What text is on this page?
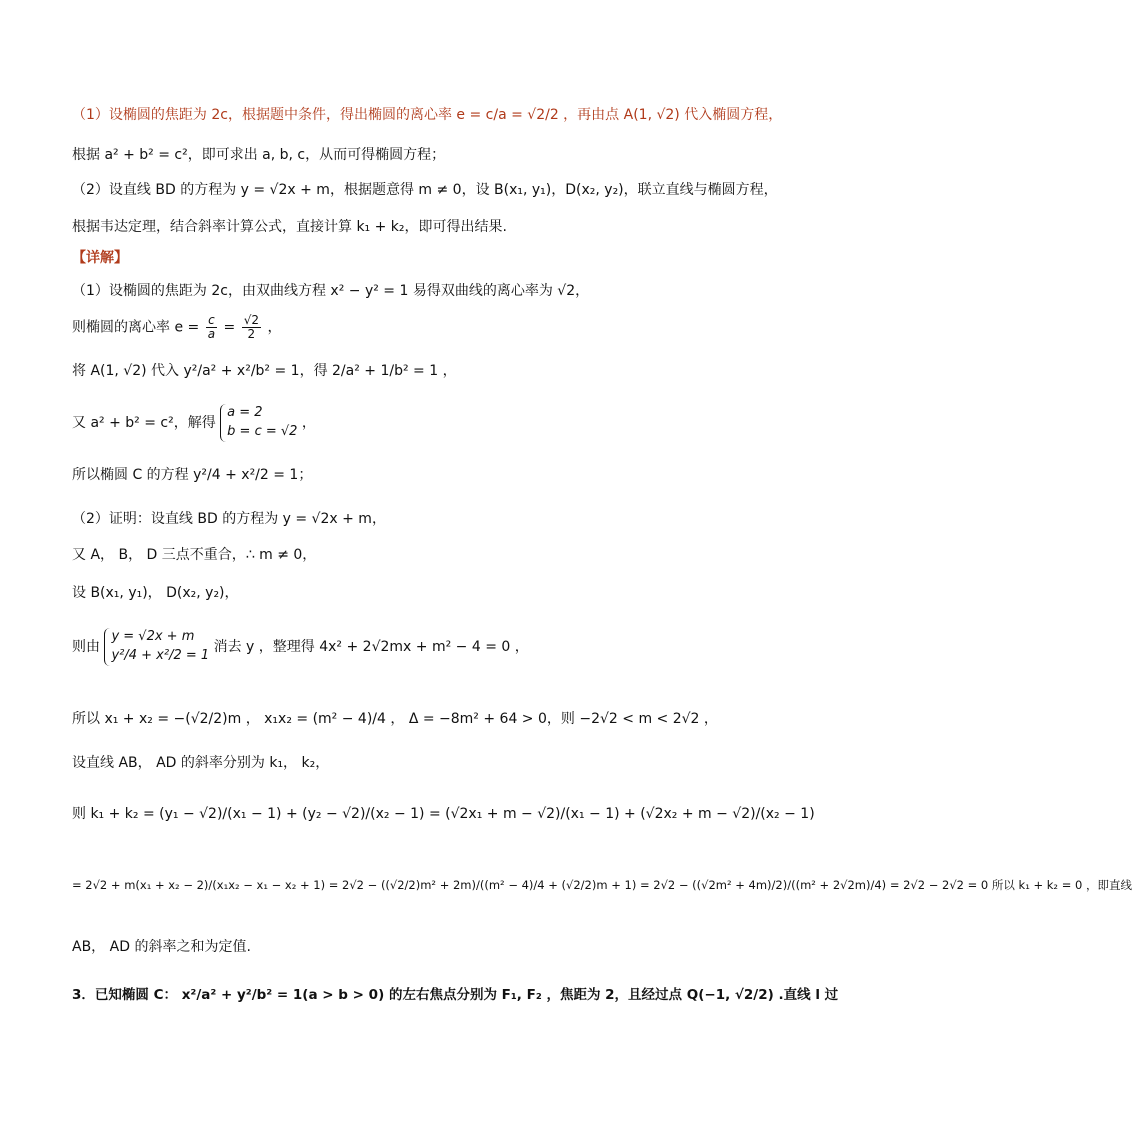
（1）设椭圆的焦距为 2c，根据题中条件，得出椭圆的离心率 e = c/a = √2/2 ，再由点 A(1, √2) 代入椭圆方程，
根据 a² + b² = c²，即可求出 a, b, c，从而可得椭圆方程；
（2）设直线 BD 的方程为 y = √2x + m，根据题意得 m ≠ 0，设 B(x₁, y₁)，D(x₂, y₂)，联立直线与椭圆方程，
根据韦达定理，结合斜率计算公式，直接计算 k₁ + k₂，即可得出结果.
【详解】
（1）设椭圆的焦距为 2c，由双曲线方程 x² − y² = 1 易得双曲线的离心率为 √2，
则椭圆的离心率 $e = \frac{c}{a} = \frac{√2}{2}$ ，
将 A(1, √2) 代入 y²/a² + x²/b² = 1，得 2/a² + 1/b² = 1 ，
又 a² + b² = c²，解得
a = 2
b = c = √2
，
所以椭圆 C 的方程 y²/4 + x²/2 = 1；
（2）证明：设直线 BD 的方程为 y = √2x + m，
又 A， B， D 三点不重合，∴ m ≠ 0，
设 B(x₁, y₁)， D(x₂, y₂)，
则由
y = √2x + m
y²/4 + x²/2 = 1
消去 y ，整理得 4x² + 2√2mx + m² − 4 = 0 ，
所以 x₁ + x₂ = −(√2/2)m ， x₁x₂ = (m² − 4)/4 ， Δ = −8m² + 64 > 0，则 −2√2 < m < 2√2 ，
设直线 AB， AD 的斜率分别为 k₁， k₂，
则 k₁ + k₂ = (y₁ − √2)/(x₁ − 1) + (y₂ − √2)/(x₂ − 1) = (√2x₁ + m − √2)/(x₁ − 1) + (√2x₂ + m − √2)/(x₂ − 1)
= 2√2 + m(x₁ + x₂ − 2)/(x₁x₂ − x₁ − x₂ + 1) = 2√2 − ((√2/2)m² + 2m)/((m² − 4)/4 + (√2/2)m + 1) = 2√2 − ((√2m² + 4m)/2)/((m² + 2√2m)/4) = 2√2 − 2√2 = 0 所以 k₁ + k₂ = 0 ，即直线
AB， AD 的斜率之和为定值.
3．已知椭圆 C： x²/a² + y²/b² = 1(a > b > 0) 的左右焦点分别为 F₁, F₂ ，焦距为 2，且经过点 Q(−1, √2/2) .直线 l 过
